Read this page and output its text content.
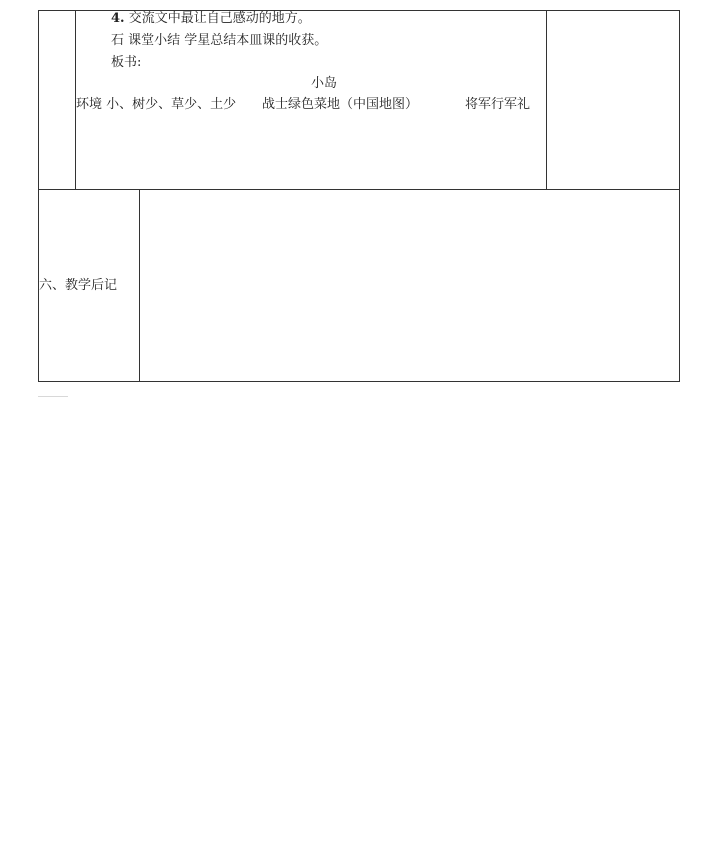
4. 交流文中最让自己感动的地方。
石 课堂小结 学星总结本皿课的收获。
板书:
小岛
环境 小、树少、草少、土少 战士绿色菜地（中国地图）	将军行军礼
六、教学后记
